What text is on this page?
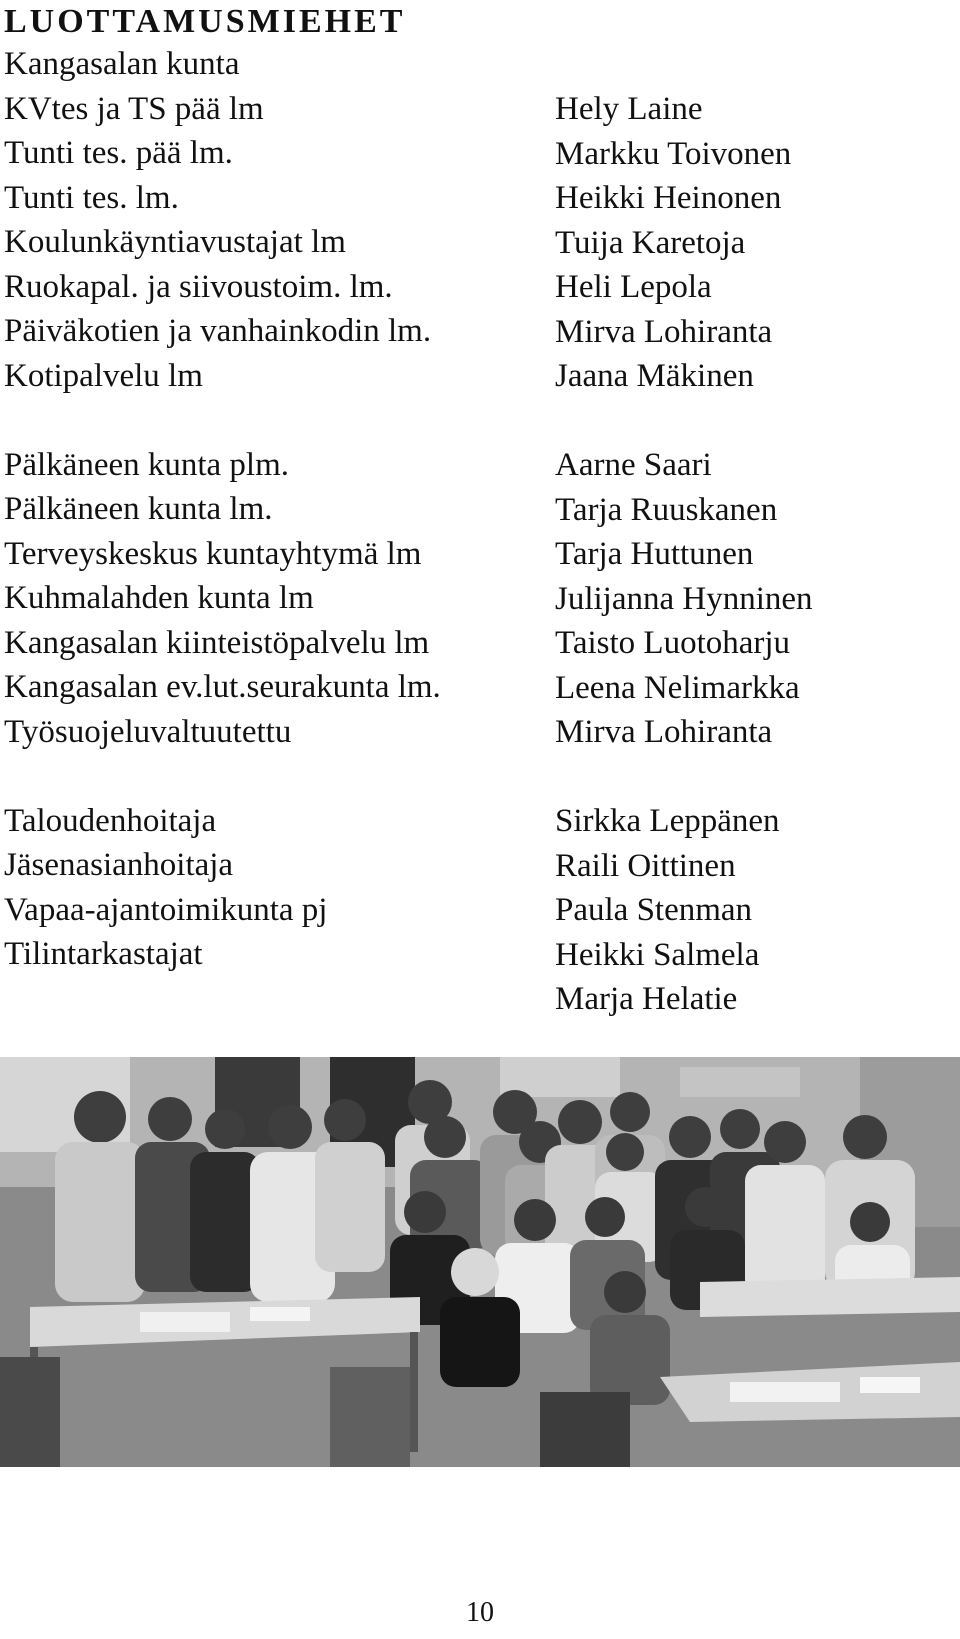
LUOTTAMUSMIEHET
Kangasalan kunta
KVtes ja TS pää lm
Tunti tes. pää lm.
Tunti tes. lm.
Koulunkäyntiavustajat lm
Ruokapal. ja siivoustoim. lm.
Päiväkotien ja vanhainkodin lm.
Kotipalvelu lm
Pälkäneen kunta plm.
Pälkäneen kunta lm.
Terveyskeskus kuntayhtymä lm
Kuhmalahden kunta lm
Kangasalan kiinteistöpalvelu lm
Kangasalan ev.lut.seurakunta lm.
Työsuojeluvaltuutettu
Taloudenhoitaja
Jäsenasianhoitaja
Vapaa-ajantoimikunta pj
Tilintarkastajat
Hely Laine
Markku Toivonen
Heikki Heinonen
Tuija Karetoja
Heli Lepola
Mirva Lohiranta
Jaana Mäkinen
Aarne Saari
Tarja Ruuskanen
Tarja Huttunen
Julijanna Hynninen
Taisto Luotoharju
Leena Nelimarkka
Mirva Lohiranta
Sirkka Leppänen
Raili Oittinen
Paula Stenman
Heikki Salmela
Marja Helatie
10
